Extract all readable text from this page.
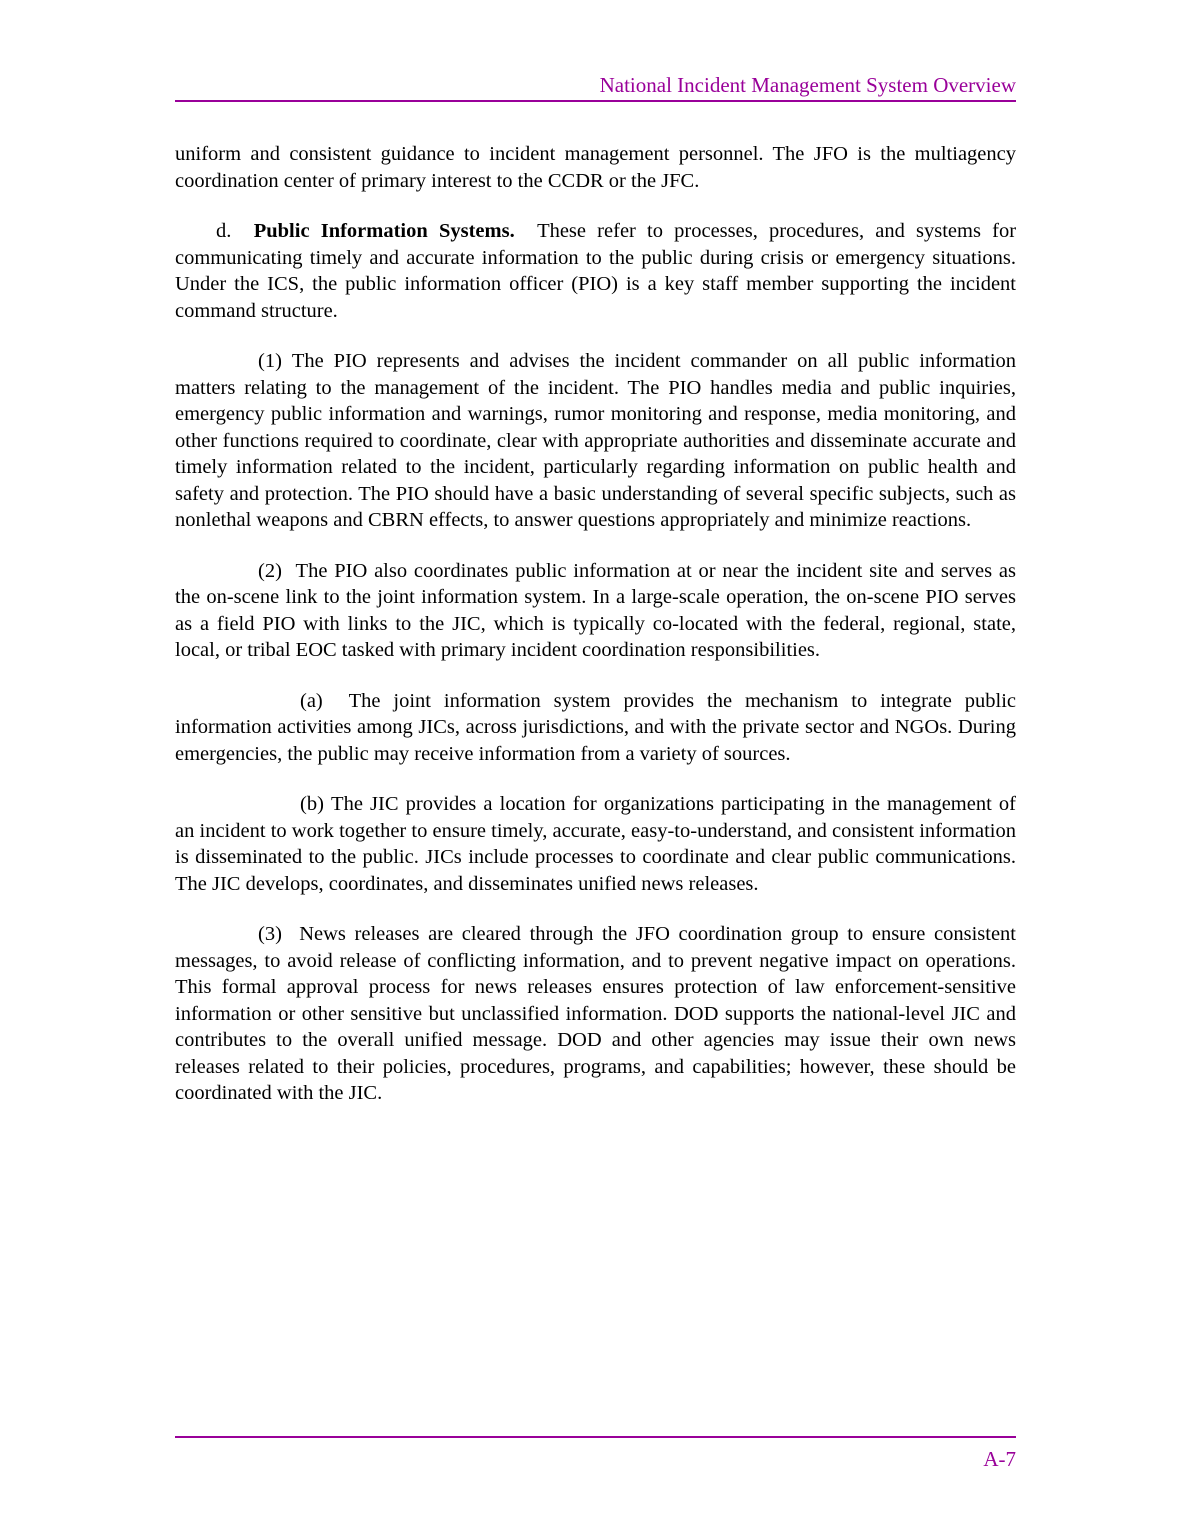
National Incident Management System Overview

uniform and consistent guidance to incident management personnel. The JFO is the multiagency coordination center of primary interest to the CCDR or the JFC.

d. Public Information Systems. These refer to processes, procedures, and systems for communicating timely and accurate information to the public during crisis or emergency situations. Under the ICS, the public information officer (PIO) is a key staff member supporting the incident command structure.

(1) The PIO represents and advises the incident commander on all public information matters relating to the management of the incident. The PIO handles media and public inquiries, emergency public information and warnings, rumor monitoring and response, media monitoring, and other functions required to coordinate, clear with appropriate authorities and disseminate accurate and timely information related to the incident, particularly regarding information on public health and safety and protection. The PIO should have a basic understanding of several specific subjects, such as nonlethal weapons and CBRN effects, to answer questions appropriately and minimize reactions.

(2) The PIO also coordinates public information at or near the incident site and serves as the on-scene link to the joint information system. In a large-scale operation, the on-scene PIO serves as a field PIO with links to the JIC, which is typically co-located with the federal, regional, state, local, or tribal EOC tasked with primary incident coordination responsibilities.

(a) The joint information system provides the mechanism to integrate public information activities among JICs, across jurisdictions, and with the private sector and NGOs. During emergencies, the public may receive information from a variety of sources.

(b) The JIC provides a location for organizations participating in the management of an incident to work together to ensure timely, accurate, easy-to-understand, and consistent information is disseminated to the public. JICs include processes to coordinate and clear public communications. The JIC develops, coordinates, and disseminates unified news releases.

(3) News releases are cleared through the JFO coordination group to ensure consistent messages, to avoid release of conflicting information, and to prevent negative impact on operations. This formal approval process for news releases ensures protection of law enforcement-sensitive information or other sensitive but unclassified information. DOD supports the national-level JIC and contributes to the overall unified message. DOD and other agencies may issue their own news releases related to their policies, procedures, programs, and capabilities; however, these should be coordinated with the JIC.

A-7
